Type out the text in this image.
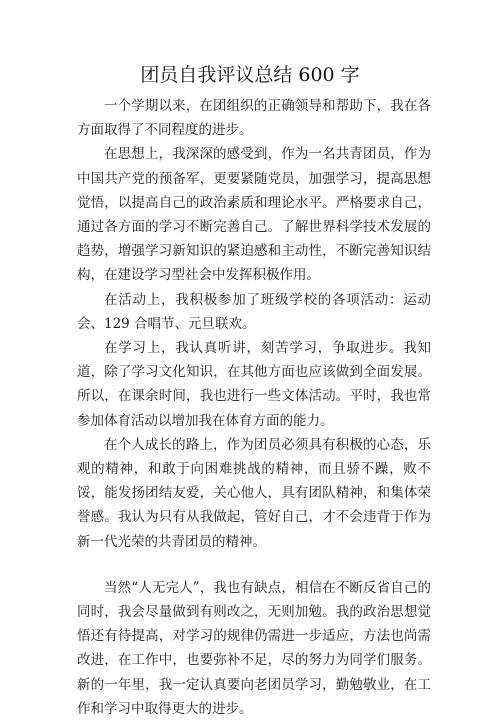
团员自我评议总结 600 字

一个学期以来，在团组织的正确领导和帮助下，我在各方面取得了不同程度的进步。

在思想上，我深深的感受到，作为一名共青团员，作为中国共产党的预备军，更要紧随党员，加强学习，提高思想觉悟，以提高自己的政治素质和理论水平。严格要求自己，通过各方面的学习不断完善自己。了解世界科学技术发展的趋势，增强学习新知识的紧迫感和主动性，不断完善知识结构，在建设学习型社会中发挥积极作用。

在活动上，我积极参加了班级学校的各项活动：运动会、129 合唱节、元旦联欢。

在学习上，我认真听讲，刻苦学习，争取进步。我知道，除了学习文化知识，在其他方面也应该做到全面发展。所以，在课余时间，我也进行一些文体活动。平时，我也常参加体育活动以增加我在体育方面的能力。

在个人成长的路上，作为团员必须具有积极的心态，乐观的精神，和敢于向困难挑战的精神，而且骄不躁，败不馁，能发扬团结友爱，关心他人，具有团队精神，和集体荣誉感。我认为只有从我做起，管好自己，才不会违背于作为新一代光荣的共青团员的精神。

当然“人无完人”，我也有缺点，相信在不断反省自己的同时，我会尽量做到有则改之，无则加勉。我的政治思想觉悟还有待提高，对学习的规律仍需进一步适应，方法也尚需改进，在工作中，也要弥补不足，尽的努力为同学们服务。新的一年里，我一定认真要向老团员学习，勤勉敬业，在工作和学习中取得更大的进步。
